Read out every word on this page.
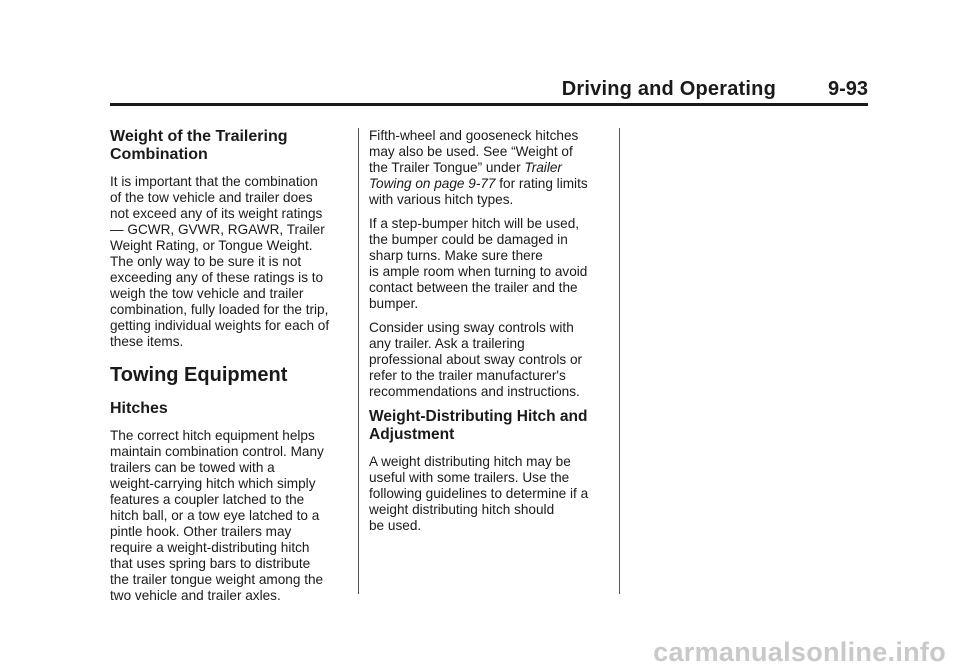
Driving and Operating	9-93
Weight of the Trailering
Combination

It is important that the combination
of the tow vehicle and trailer does
not exceed any of its weight ratings
— GCWR, GVWR, RGAWR, Trailer
Weight Rating, or Tongue Weight.
The only way to be sure it is not
exceeding any of these ratings is to
weigh the tow vehicle and trailer
combination, fully loaded for the trip,
getting individual weights for each of
these items.

Towing Equipment
Hitches

The correct hitch equipment helps
maintain combination control. Many
trailers can be towed with a
weight-carrying hitch which simply
features a coupler latched to the
hitch ball, or a tow eye latched to a
pintle hook. Other trailers may
require a weight-distributing hitch
that uses spring bars to distribute
the trailer tongue weight among the
two vehicle and trailer axles.

Fifth-wheel and gooseneck hitches
may also be used. See “Weight of
the Trailer Tongue” under Trailer
Towing on page 9-77 for rating limits
with various hitch types.

If a step-bumper hitch will be used,
the bumper could be damaged in
sharp turns. Make sure there
is ample room when turning to avoid
contact between the trailer and the
bumper.

Consider using sway controls with
any trailer. Ask a trailering
professional about sway controls or
refer to the trailer manufacturer's
recommendations and instructions.

Weight-Distributing Hitch and
Adjustment

A weight distributing hitch may be
useful with some trailers. Use the
following guidelines to determine if a
weight distributing hitch should
be used.

carmanualsonline.info
